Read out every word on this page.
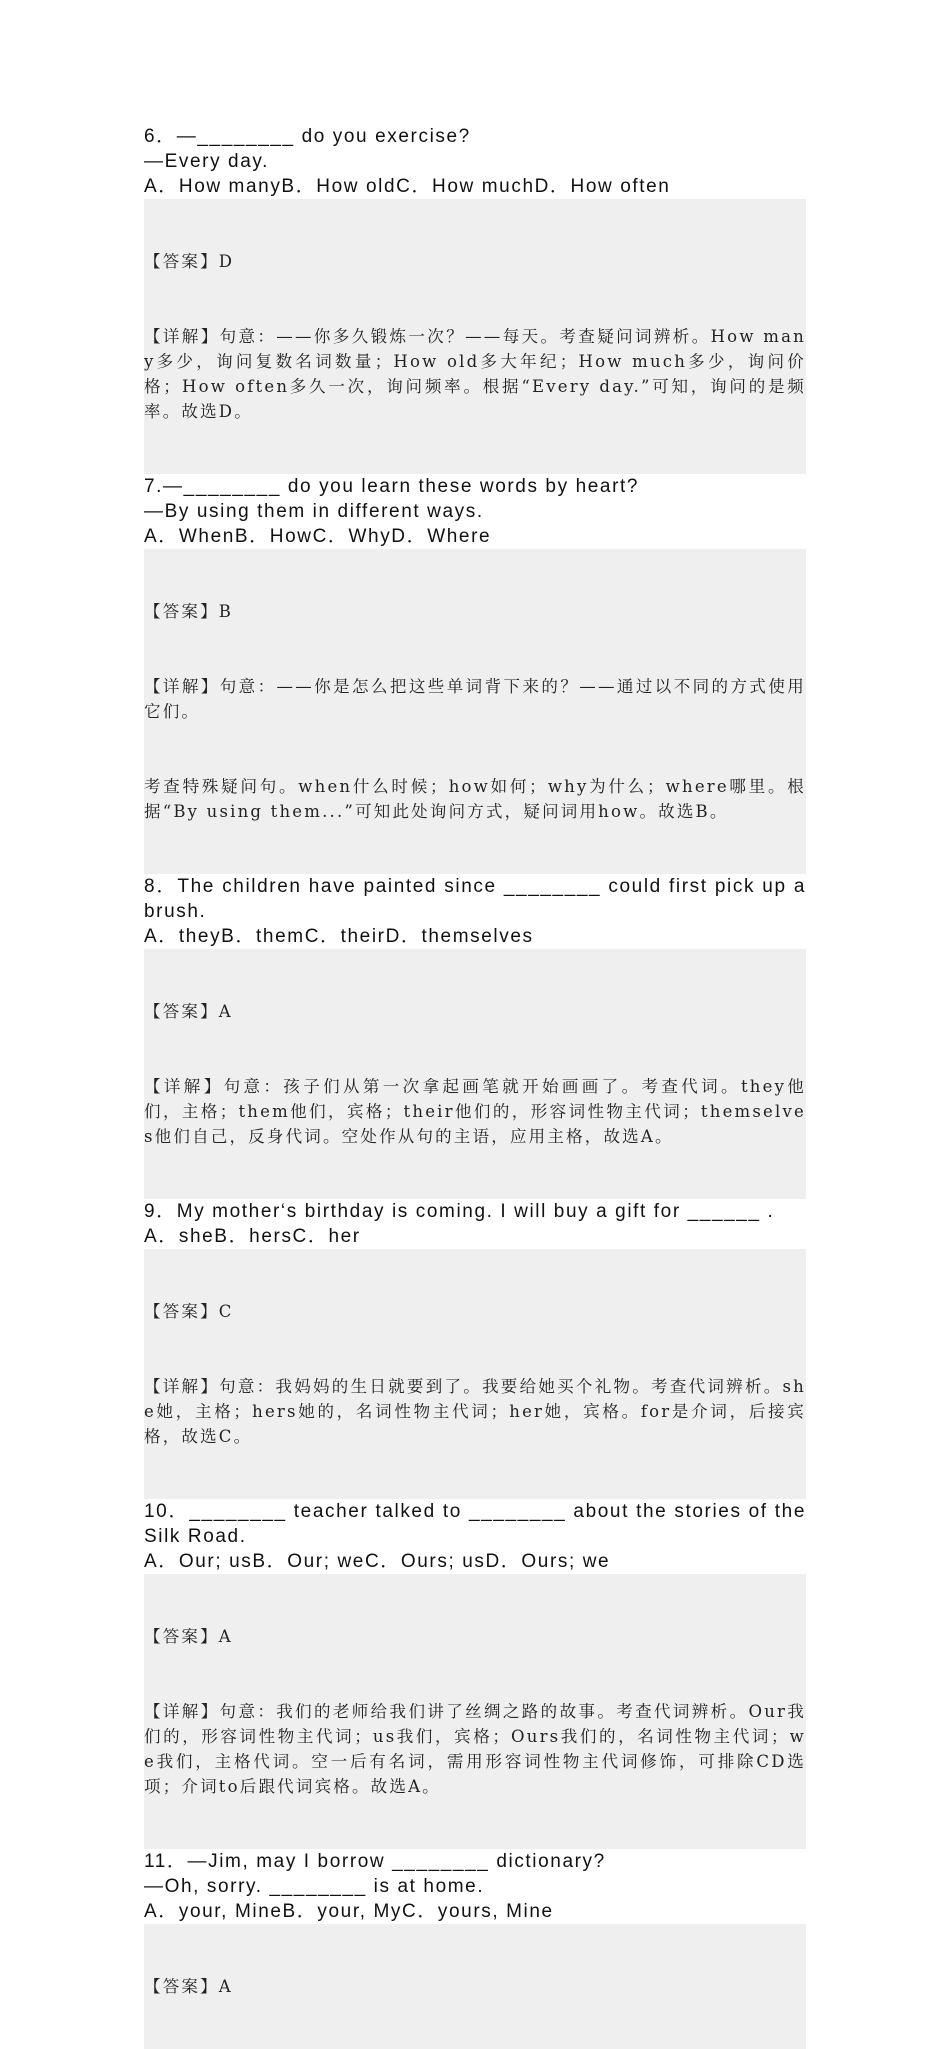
6．—________ do you exercise?

—Every day.

A．How manyB．How oldC．How muchD．How often

【答案】D

【详解】句意：——你多久锻炼一次？——每天。考查疑问词辨析。How many多少，询问复数名词数量；How old多大年纪；How much多少，询问价格；How often多久一次，询问频率。根据“Every day.”可知，询问的是频率。故选D。

7.—________ do you learn these words by heart?

—By using them in different ways.

A．WhenB．HowC．WhyD．Where

【答案】B

【详解】句意：——你是怎么把这些单词背下来的？——通过以不同的方式使用它们。

考查特殊疑问句。when什么时候；how如何；why为什么；where哪里。根据“By using them...”可知此处询问方式，疑问词用how。故选B。

8．The children have painted since ________ could first pick up a brush.

A．theyB．themC．theirD．themselves

【答案】A

【详解】句意：孩子们从第一次拿起画笔就开始画画了。考查代词。they他们，主格；them他们，宾格；their他们的，形容词性物主代词；themselves他们自己，反身代词。空处作从句的主语，应用主格，故选A。

9．My mother‘s birthday is coming. I will buy a gift for ______ .

A．sheB．hersC．her

【答案】C

【详解】句意：我妈妈的生日就要到了。我要给她买个礼物。考查代词辨析。she她，主格；hers她的，名词性物主代词；her她，宾格。for是介词，后接宾格，故选C。

10．________ teacher talked to ________ about the stories of the Silk Road.

A．Our; usB．Our; weC．Ours; usD．Ours; we

【答案】A

【详解】句意：我们的老师给我们讲了丝绸之路的故事。考查代词辨析。Our我们的，形容词性物主代词；us我们，宾格；Ours我们的，名词性物主代词；we我们，主格代词。空一后有名词，需用形容词性物主代词修饰，可排除CD选项；介词to后跟代词宾格。故选A。

11．—Jim, may I borrow ________ dictionary?

—Oh, sorry. ________ is at home.

A．your, MineB．your, MyC．yours, Mine

【答案】A
